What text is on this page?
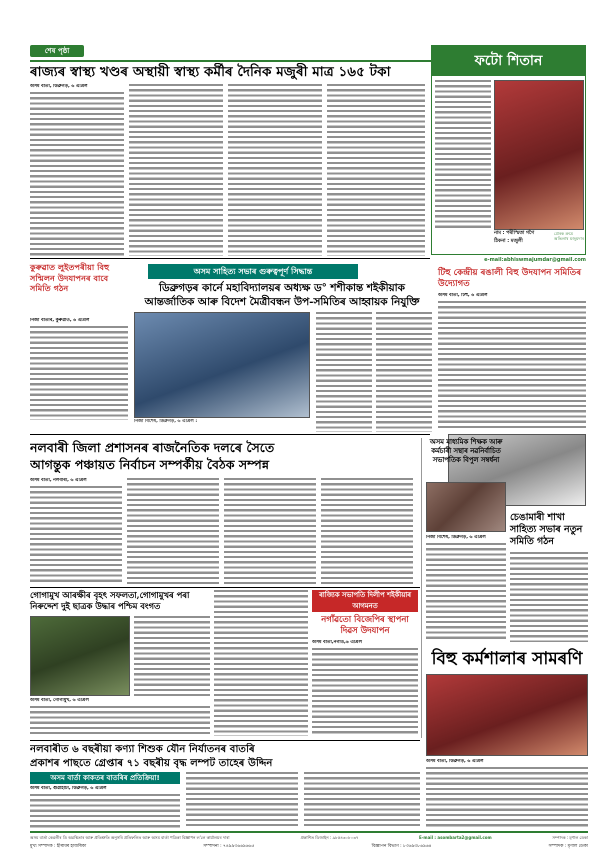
শেষ পৃষ্ঠা
ৰাজ্যৰ স্বাস্থ্য খণ্ডৰ অস্থায়ী স্বাস্থ্য কৰ্মীৰ দৈনিক মজুৰী মাত্ৰ ১৬৫ টকা
ফটো শিতান
নাম : পৰীস্মিতা গগৈ
ঠিকনা : মজুলী
প্ৰেৰক ক্ৰমে অভিলাষ মজুমদাৰ
e-mail:abhiswmajumdar@gmail.com
অসম বাৰ্তা, ডিব্ৰুগড়, ৬ এপ্ৰিল
কুৰুৱাত লুইতপৰীয়া বিহু সন্মিলন উদযাপনৰ বাবে সমিতি গঠন
নিজা বাতৰি, কুৰুৱাত, ৬ এপ্ৰিল
অসম সাহিত্য সভাৰ গুৰুত্বপূৰ্ণ সিদ্ধান্ত
ডিব্ৰুগড়ৰ কাৰ্নে মহাবিদ্যালয়ৰ অধ্যক্ষ ড° শশীকান্ত শইকীয়াক আন্তৰ্জাতিক আৰু বিদেশ মৈত্ৰীবন্ধন উপ-সমিতিৰ আহ্বায়ক নিযুক্তি
নিজা বিশেষ, ডিব্ৰুগড়, ৬ এপ্ৰিল :
টিহু কেন্দ্ৰীয় ৰঙালী বিহু উদযাপন সমিতিৰ উদ্যোগত
অসম বাৰ্তা, টিহু, ৬ এপ্ৰিল
নলবাৰী জিলা প্ৰশাসনৰ ৰাজনৈতিক দলৰে সৈতে
আগন্তুক পঞ্চায়ত নিৰ্বাচন সম্পৰ্কীয় বৈঠক সম্পন্ন
অসম বাৰ্তা, নলবাৰী, ৬ এপ্ৰিল
অসম মাধ্যমিক শিক্ষক আৰু কৰ্মচাৰী সন্থাৰ নৱনিৰ্বাচিত সভাপতিক বিপুল সম্বৰ্ধনা
নিজা বিশেষ, ডিব্ৰুগড়, ৬ এপ্ৰিল
চেঙামাৰী শাখা সাহিত্য সভাৰ নতুন সমিতি গঠন
গোগামুখ আৰক্ষীৰ বৃহৎ সফলতা,গোগামুখৰ পৰা নিৰুদ্দেশ দুই ছাত্ৰক উদ্ধাৰ পশ্চিম বংগত
অসম বাৰ্তা, গোগামুখ, ৬ এপ্ৰিল
ৰাজ্যিক সভাপতি দিলীপ শইকীয়াৰ আগমনত
নগাঁৱতো বিজেপিৰ স্থাপনা দিৱস উদযাপন
অসম বাৰ্তা,নগাঁও,৬ এপ্ৰিল
বিহু কৰ্মশালাৰ সামৰণি
নলবাৰীত ৬ বছৰীয়া কণ্যা শিশুক যৌন নিৰ্যাতনৰ বাতৰি
প্ৰকাশৰ পাছতে গ্ৰেপ্তাৰ ৭১ বছৰীয় বৃদ্ধ লম্পট তাহেৰ উদ্দিন
অসম বাৰ্তা কাকতৰ বাতৰিৰ প্ৰতিক্ৰিয়া!
অসম বাৰ্তা, গুৱাহাটী, ডিব্ৰুগড়, ৬ এপ্ৰিল
অসম বাৰ্তা, ডিব্ৰুগড়, ৬ এপ্ৰিল
অসম বাৰ্তা কেৱলীৰ ডি অৱস্থিতাৰ আৰু প্ৰতিশ্ৰুতি অনুসৰি প্ৰতিফলিত আৰু অসম বাৰ্তা পত্ৰিকা বিজ্ঞাপন ল'লে কাৰ্যালয়ৰ দাৰা	প্ৰকাশিত ডিজাইন : ৯৮৫৪৩০৮০৩৭	E-mail : asombarta2@gmail.com	সম্পাদক : মৃণাল ডেকা
মুখ্য সম্পাদক : হীৰাধৰ হাজৰিকা	সম্পাদনা : ৭৪৯৯৩৬৬৯৬৬৫	বিজ্ঞাপন বিভাগ : ৮৩৬৯৩৮৬৯৬৪	সম্পাদক : মৃণাল ডেকা
